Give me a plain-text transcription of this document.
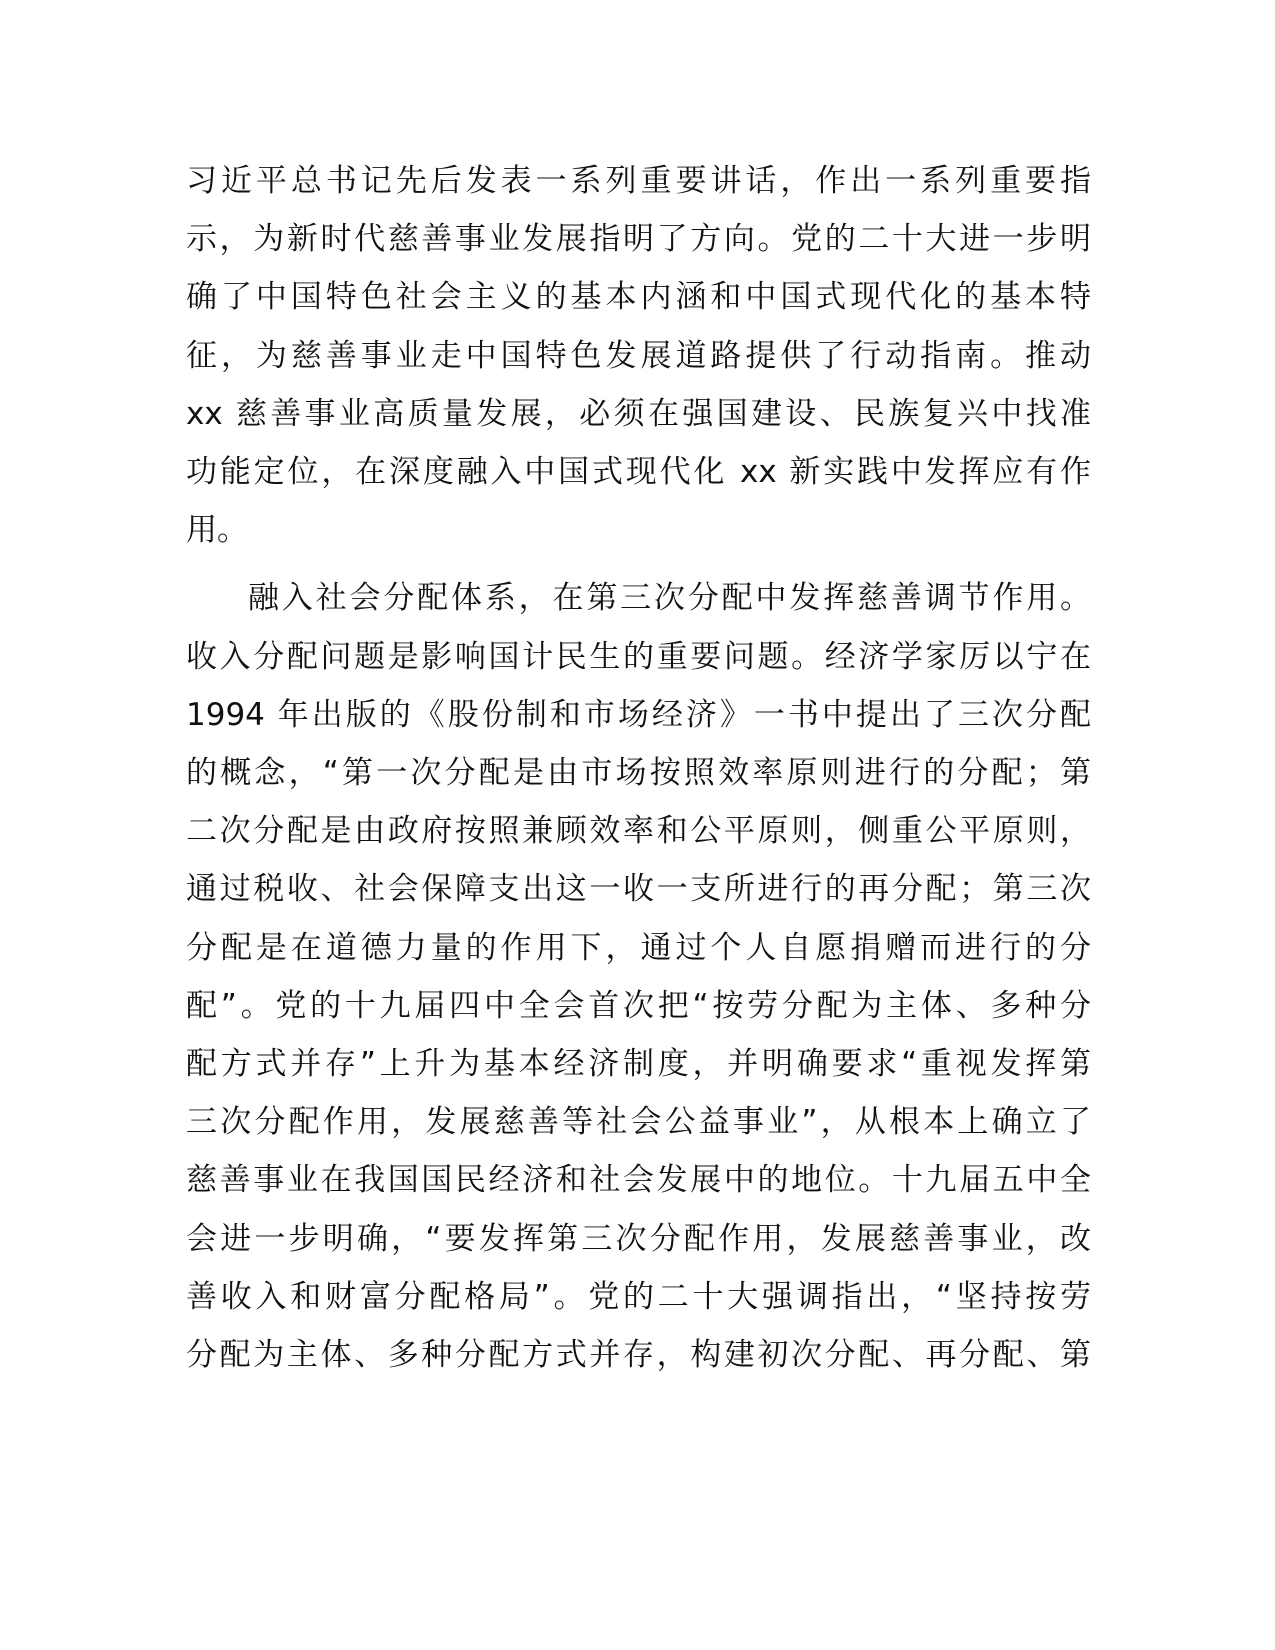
习近平总书记先后发表一系列重要讲话，作出一系列重要指
示，为新时代慈善事业发展指明了方向。党的二十大进一步明
确了中国特色社会主义的基本内涵和中国式现代化的基本特
征，为慈善事业走中国特色发展道路提供了行动指南。推动
xx 慈善事业高质量发展，必须在强国建设、民族复兴中找准
功能定位，在深度融入中国式现代化 xx 新实践中发挥应有作
用。

融入社会分配体系，在第三次分配中发挥慈善调节作用。
收入分配问题是影响国计民生的重要问题。经济学家厉以宁在
1994 年出版的《股份制和市场经济》一书中提出了三次分配
的概念，“第一次分配是由市场按照效率原则进行的分配；第
二次分配是由政府按照兼顾效率和公平原则，侧重公平原则，
通过税收、社会保障支出这一收一支所进行的再分配；第三次
分配是在道德力量的作用下，通过个人自愿捐赠而进行的分
配”。党的十九届四中全会首次把“按劳分配为主体、多种分
配方式并存”上升为基本经济制度，并明确要求“重视发挥第
三次分配作用，发展慈善等社会公益事业”，从根本上确立了
慈善事业在我国国民经济和社会发展中的地位。十九届五中全
会进一步明确，“要发挥第三次分配作用，发展慈善事业，改
善收入和财富分配格局”。党的二十大强调指出，“坚持按劳
分配为主体、多种分配方式并存，构建初次分配、再分配、第
